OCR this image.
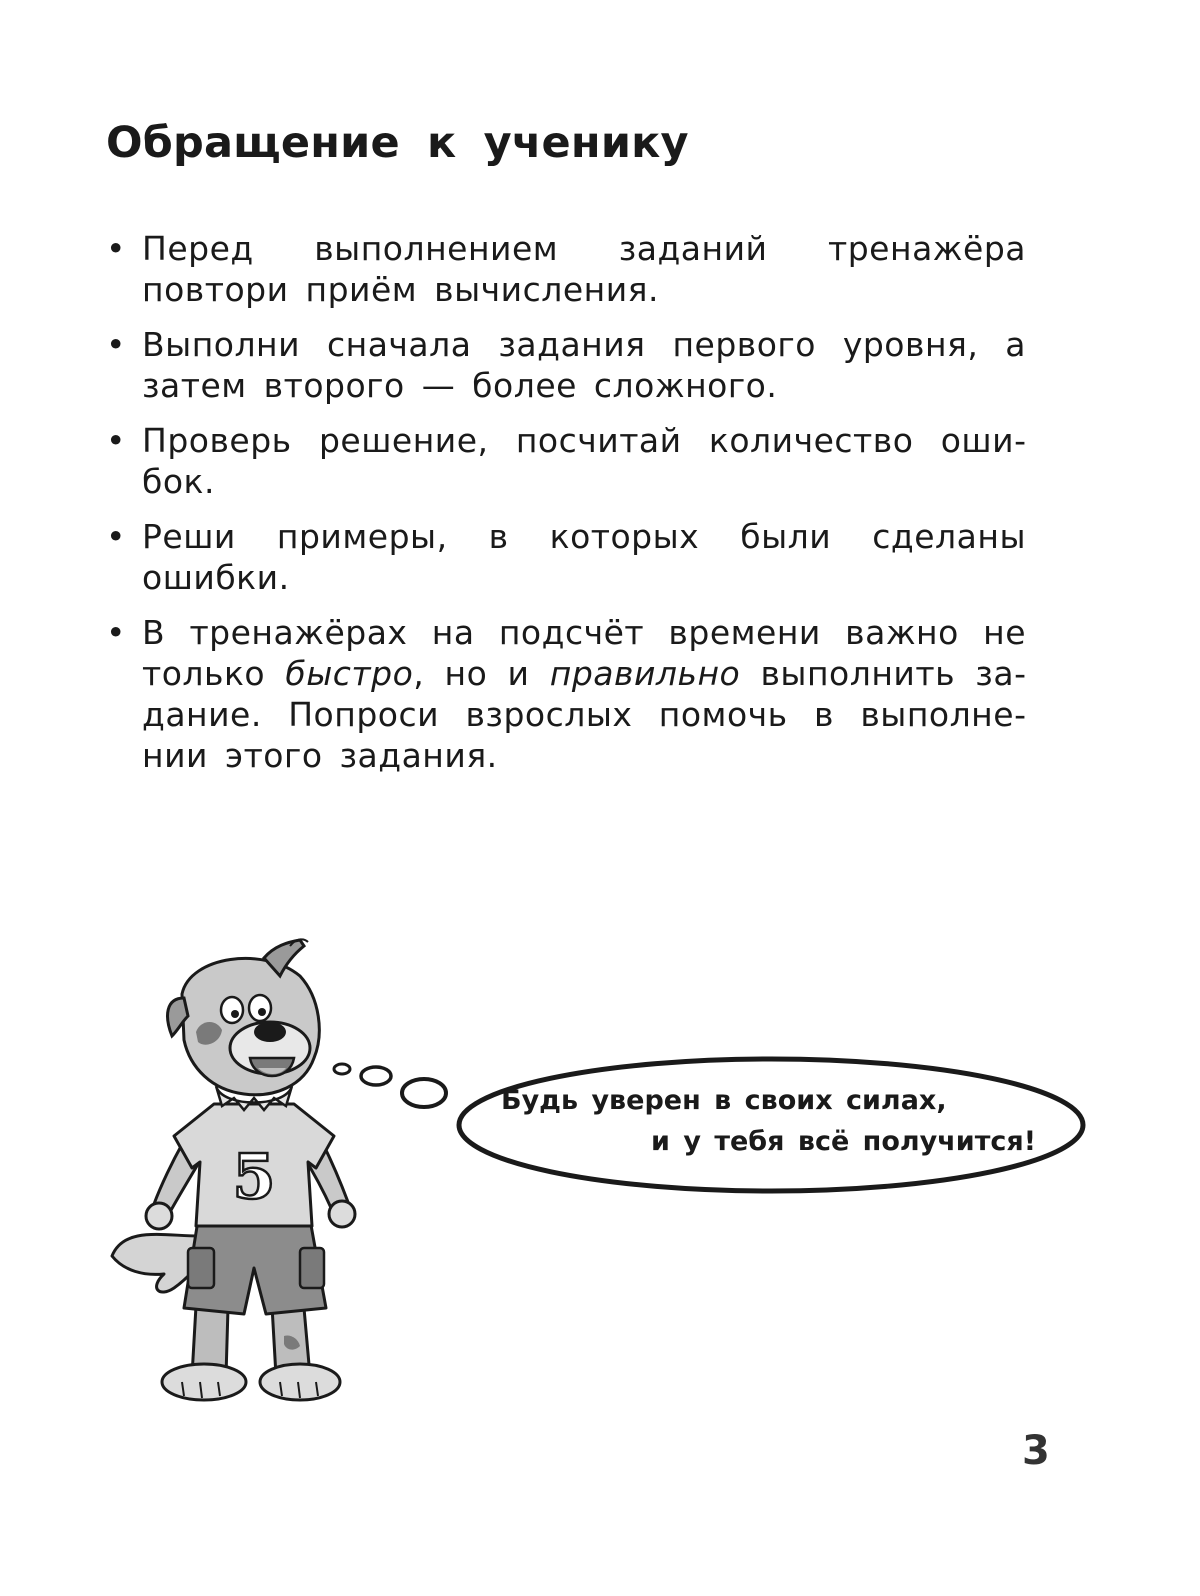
Обращение к ученику
• Перед выполнением заданий тренажёра повтори приём вычисления.
• Выполни сначала задания первого уровня, а затем второго — более сложного.
• Проверь решение, посчитай количество ошибок.
• Реши примеры, в которых были сделаны ошибки.
• В тренажёрах на подсчёт времени важно не только быстро, но и правильно выполнить задание. Попроси взрослых помочь в выполнении этого задания.
5
Будь уверен в своих силах,
и у тебя всё получится!
3
